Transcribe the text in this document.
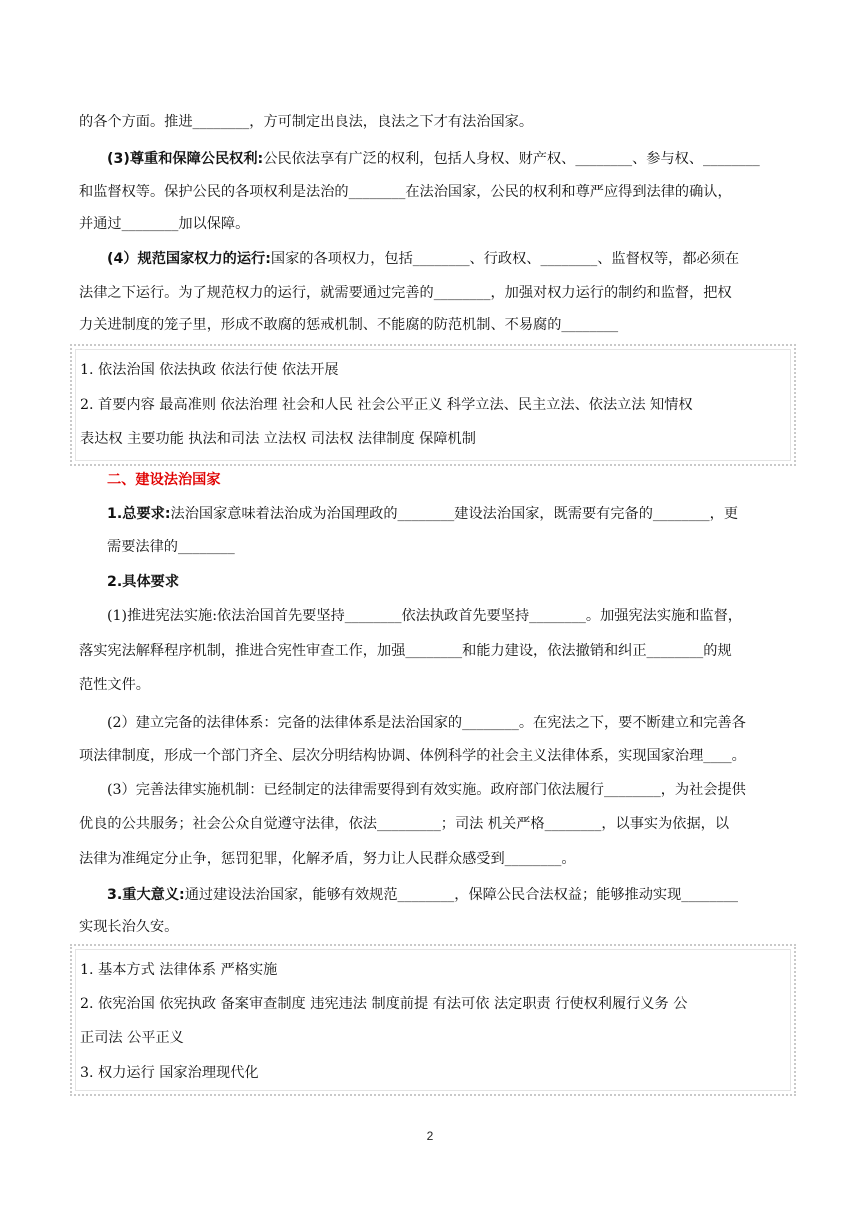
的各个方面。推进________，方可制定出良法，良法之下才有法治国家。
(3)尊重和保障公民权利:公民依法享有广泛的权利，包括人身权、财产权、________、参与权、________
和监督权等。保护公民的各项权利是法治的________在法治国家，公民的权利和尊严应得到法律的确认，
并通过________加以保障。
(4）规范国家权力的运行:国家的各项权力，包括________、行政权、________、监督权等，都必须在
法律之下运行。为了规范权力的运行，就需要通过完善的________，加强对权力运行的制约和监督，把权
力关进制度的笼子里，形成不敢腐的惩戒机制、不能腐的防范机制、不易腐的________
1. 依法治国 依法执政 依法行使 依法开展
2. 首要内容 最高准则 依法治理 社会和人民 社会公平正义 科学立法、民主立法、依法立法 知情权
表达权 主要功能 执法和司法 立法权 司法权 法律制度 保障机制
二、建设法治国家
1.总要求:法治国家意味着法治成为治国理政的________建设法治国家，既需要有完备的________，更
需要法律的________
2.具体要求
(1)推进宪法实施:依法治国首先要坚持________依法执政首先要坚持________。加强宪法实施和监督，
落实宪法解释程序机制，推进合宪性审查工作，加强________和能力建设，依法撤销和纠正________的规
范性文件。
(2）建立完备的法律体系：完备的法律体系是法治国家的________。在宪法之下，要不断建立和完善各
项法律制度，形成一个部门齐全、层次分明结构协调、体例科学的社会主义法律体系，实现国家治理____。
(3）完善法律实施机制：已经制定的法律需要得到有效实施。政府部门依法履行________，为社会提供
优良的公共服务；社会公众自觉遵守法律，依法_________；司法 机关严格________，以事实为依据，以
法律为准绳定分止争，惩罚犯罪，化解矛盾，努力让人民群众感受到________。
3.重大意义:通过建设法治国家，能够有效规范________，保障公民合法权益；能够推动实现________
实现长治久安。
1. 基本方式 法律体系 严格实施
2. 依宪治国 依宪执政 备案审查制度 违宪违法 制度前提 有法可依 法定职责 行使权利履行义务 公
正司法 公平正义
3. 权力运行 国家治理现代化
2
